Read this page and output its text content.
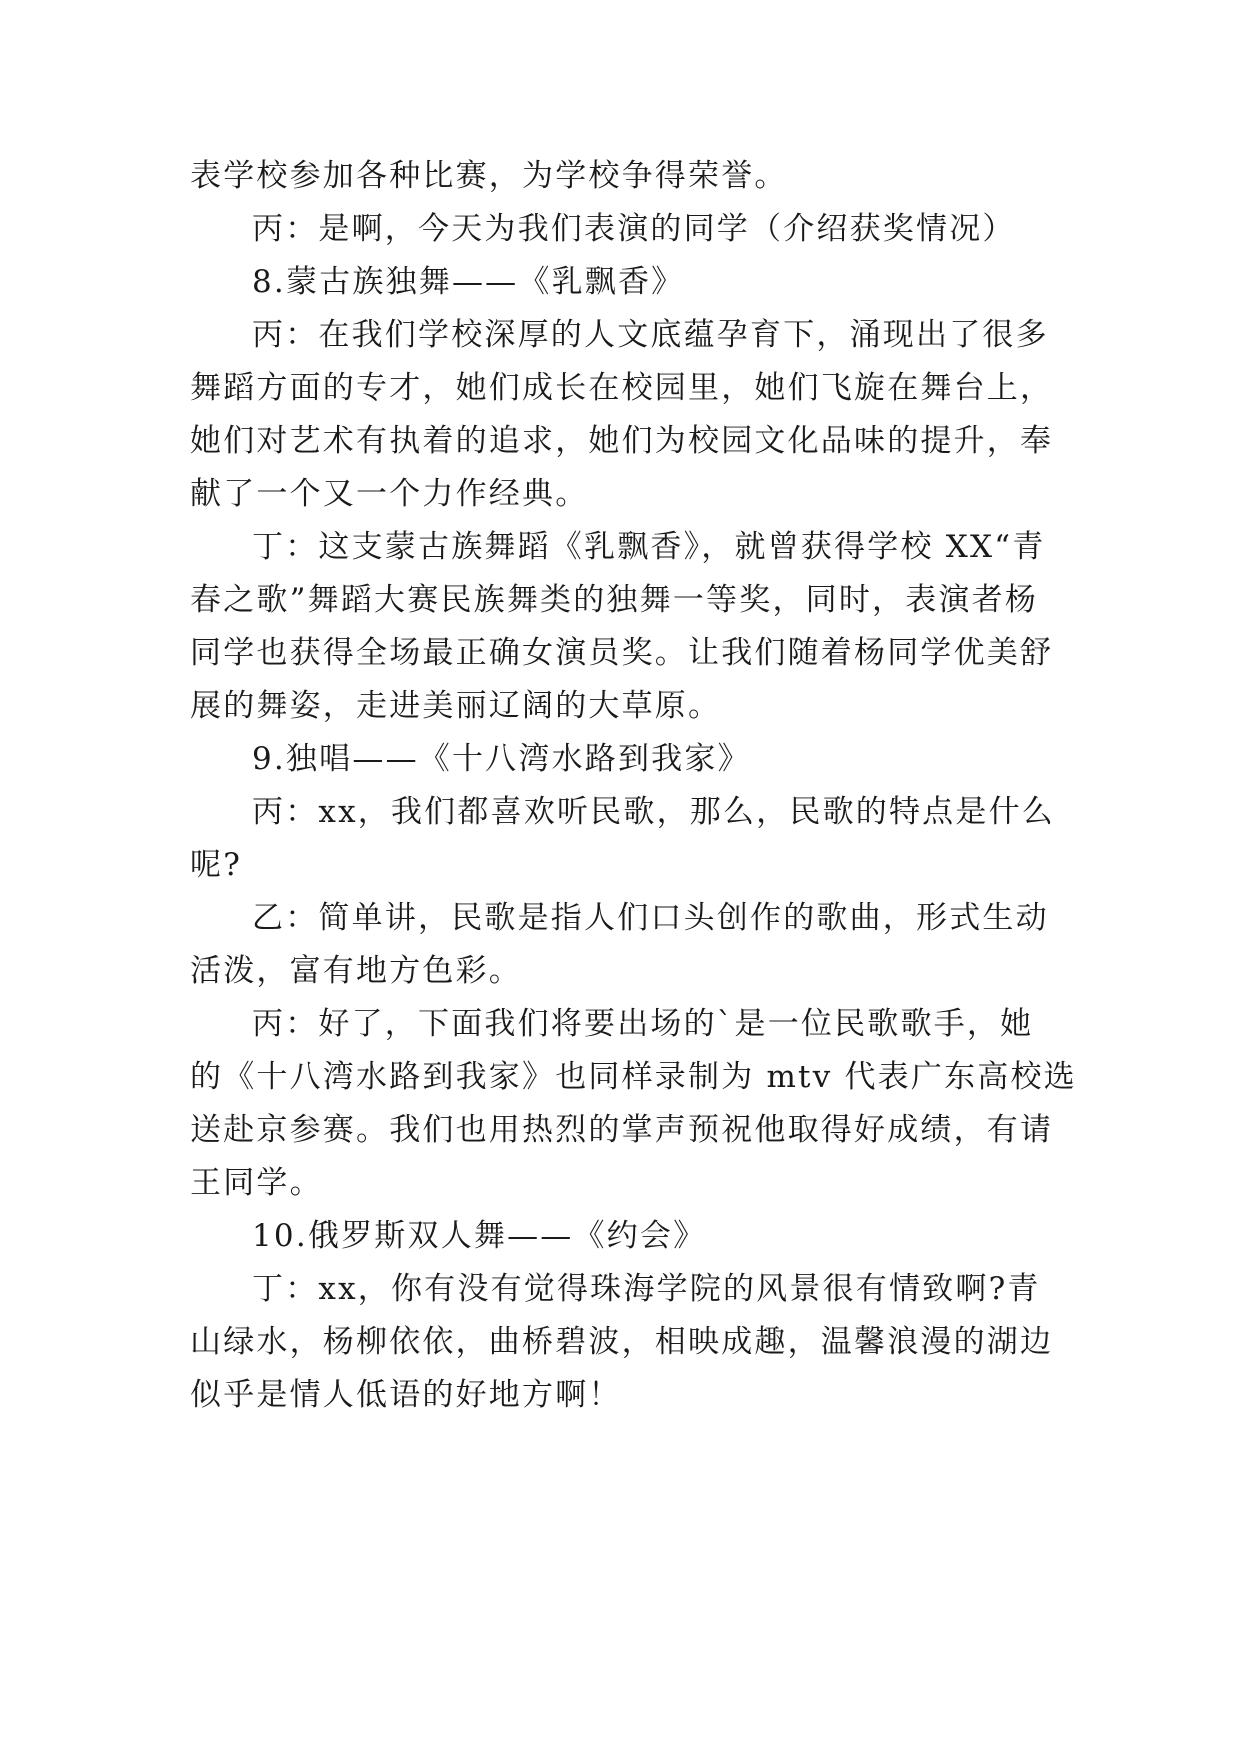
表学校参加各种比赛，为学校争得荣誉。
丙：是啊，今天为我们表演的同学（介绍获奖情况）
8.蒙古族独舞——《乳飘香》
丙：在我们学校深厚的人文底蕴孕育下，涌现出了很多
舞蹈方面的专才，她们成长在校园里，她们飞旋在舞台上，
她们对艺术有执着的追求，她们为校园文化品味的提升，奉
献了一个又一个力作经典。
丁：这支蒙古族舞蹈《乳飘香》，就曾获得学校 XX“青
春之歌”舞蹈大赛民族舞类的独舞一等奖，同时，表演者杨
同学也获得全场最正确女演员奖。让我们随着杨同学优美舒
展的舞姿，走进美丽辽阔的大草原。
9.独唱——《十八湾水路到我家》
丙：xx，我们都喜欢听民歌，那么，民歌的特点是什么
呢?
乙：简单讲，民歌是指人们口头创作的歌曲，形式生动
活泼，富有地方色彩。
丙：好了，下面我们将要出场的`是一位民歌歌手，她
的《十八湾水路到我家》也同样录制为 mtv 代表广东高校选
送赴京参赛。我们也用热烈的掌声预祝他取得好成绩，有请
王同学。
10.俄罗斯双人舞——《约会》
丁：xx，你有没有觉得珠海学院的风景很有情致啊?青
山绿水，杨柳依依，曲桥碧波，相映成趣，温馨浪漫的湖边
似乎是情人低语的好地方啊！
